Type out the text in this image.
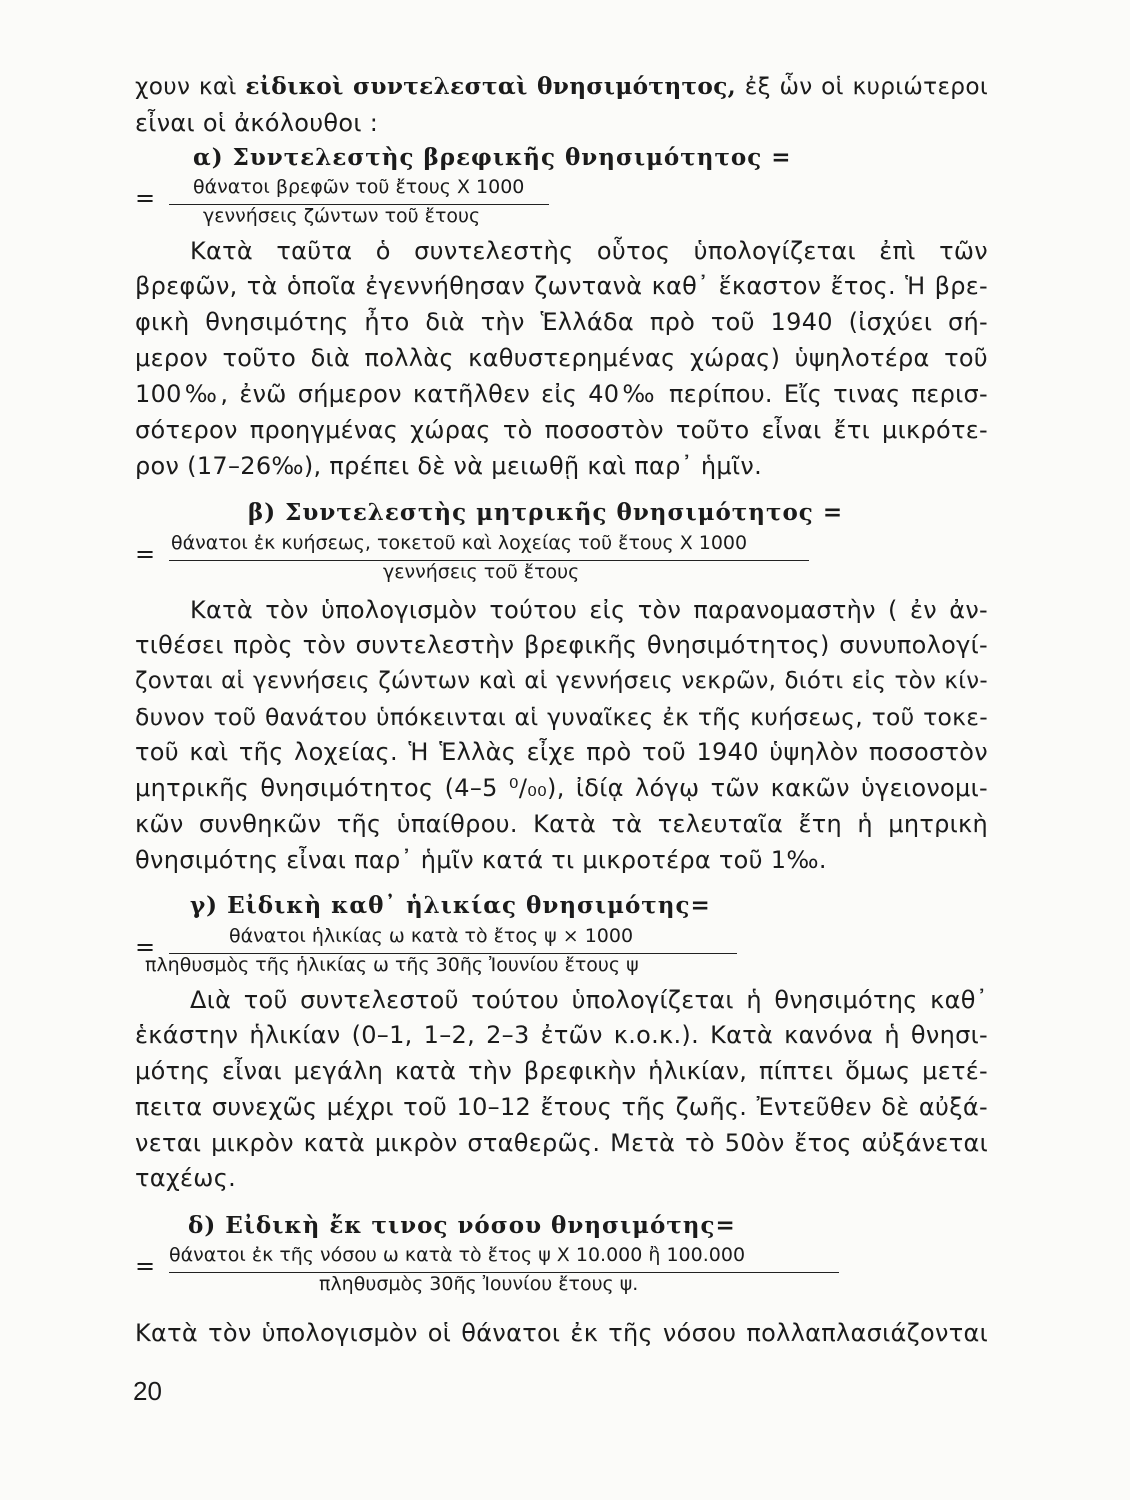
χουν καὶ εἰδικοὶ συντελεσταὶ θνησιμότητος, ἐξ ὧν οἱ κυριώτεροι
εἶναι οἱ ἀκόλουθοι :
α) Συντελεστὴς βρεφικῆς θνησιμότητος =
= θάνατοι βρεφῶν τοῦ ἔτους Χ 1000
γεννήσεις ζώντων τοῦ ἔτους
Κατὰ ταῦτα ὁ συντελεστὴς οὗτος ὑπολογίζεται ἐπὶ τῶν
βρεφῶν, τὰ ὁποῖα ἐγεννήθησαν ζωντανὰ καθ᾽ ἕκαστον ἔτος. Ἡ βρε-
φικὴ θνησιμότης ἦτο διὰ τὴν Ἑλλάδα πρὸ τοῦ 1940 (ἰσχύει σή-
μερον τοῦτο διὰ πολλὰς καθυστερημένας χώρας) ὑψηλοτέρα τοῦ
100‰, ἐνῶ σήμερον κατῆλθεν εἰς 40‰ περίπου. Εἴς τινας περισ-
σότερον προηγμένας χώρας τὸ ποσοστὸν τοῦτο εἶναι ἔτι μικρότε-
ρον (17–26‰), πρέπει δὲ νὰ μειωθῇ καὶ παρ᾽ ἡμῖν.
β) Συντελεστὴς μητρικῆς θνησιμότητος =
= θάνατοι ἐκ κυήσεως, τοκετοῦ καὶ λοχείας τοῦ ἔτους Χ 1000
γεννήσεις τοῦ ἔτους
Κατὰ τὸν ὑπολογισμὸν τούτου εἰς τὸν παρανομαστὴν ( ἐν ἀν-
τιθέσει πρὸς τὸν συντελεστὴν βρεφικῆς θνησιμότητος) συνυπολογί-
ζονται αἱ γεννήσεις ζώντων καὶ αἱ γεννήσεις νεκρῶν, διότι εἰς τὸν κίν-
δυνον τοῦ θανάτου ὑπόκεινται αἱ γυναῖκες ἐκ τῆς κυήσεως, τοῦ τοκε-
τοῦ καὶ τῆς λοχείας. Ἡ Ἑλλὰς εἶχε πρὸ τοῦ 1940 ὑψηλὸν ποσοστὸν
μητρικῆς θνησιμότητος (4–5 ⁰/₀₀), ἰδίᾳ λόγῳ τῶν κακῶν ὑγειονομι-
κῶν συνθηκῶν τῆς ὑπαίθρου. Κατὰ τὰ τελευταῖα ἔτη ἡ μητρικὴ
θνησιμότης εἶναι παρ᾽ ἡμῖν κατά τι μικροτέρα τοῦ 1‰.
γ) Εἰδικὴ καθ᾽ ἡλικίας θνησιμότης=
=	θάνατοι ἡλικίας ω κατὰ τὸ ἔτος ψ × 1000
πληθυσμὸς τῆς ἡλικίας ω τῆς 30ῆς Ἰουνίου ἔτους ψ
Διὰ τοῦ συντελεστοῦ τούτου ὑπολογίζεται ἡ θνησιμότης καθ᾽
ἑκάστην ἡλικίαν (0–1, 1–2, 2–3 ἐτῶν κ.ο.κ.). Κατὰ κανόνα ἡ θνησι-
μότης εἶναι μεγάλη κατὰ τὴν βρεφικὴν ἡλικίαν, πίπτει ὅμως μετέ-
πειτα συνεχῶς μέχρι τοῦ 10–12 ἔτους τῆς ζωῆς. Ἐντεῦθεν δὲ αὐξά-
νεται μικρὸν κατὰ μικρὸν σταθερῶς. Μετὰ τὸ 50ὸν ἔτος αὐξάνεται
ταχέως.
δ) Εἰδικὴ ἔκ τινος νόσου θνησιμότης=
= θάνατοι ἐκ τῆς νόσου ω κατὰ τὸ ἔτος ψ Χ 10.000 ἢ 100.000
πληθυσμὸς 30ῆς Ἰουνίου ἔτους ψ.
Κατὰ τὸν ὑπολογισμὸν οἱ θάνατοι ἐκ τῆς νόσου πολλαπλασιάζονται
20
